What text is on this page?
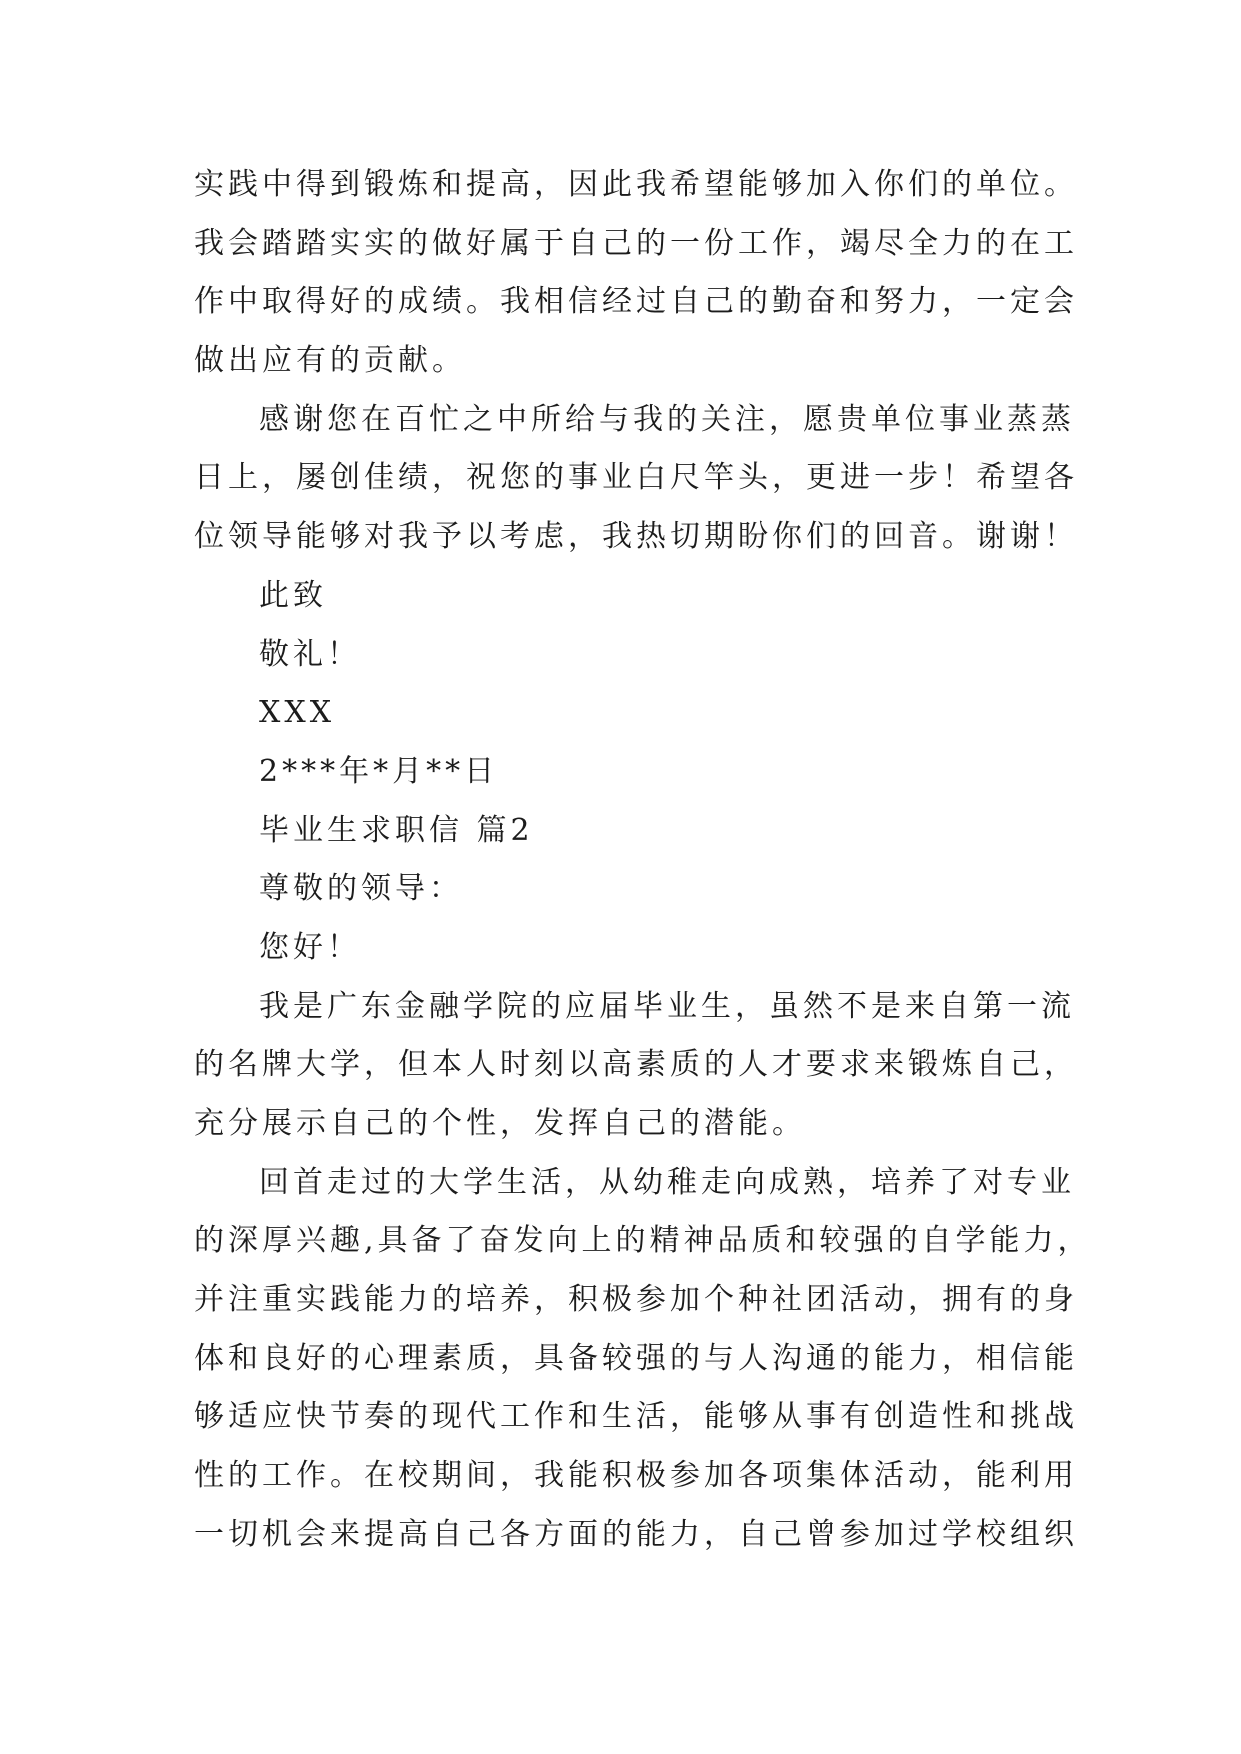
实践中得到锻炼和提高，因此我希望能够加入你们的单位。
我会踏踏实实的做好属于自己的一份工作，竭尽全力的在工
作中取得好的成绩。我相信经过自己的勤奋和努力，一定会
做出应有的贡献。
感谢您在百忙之中所给与我的关注，愿贵单位事业蒸蒸
日上，屡创佳绩，祝您的事业白尺竿头，更进一步！希望各
位领导能够对我予以考虑，我热切期盼你们的回音。谢谢！
此致
敬礼！
XXX
2***年*月**日
毕业生求职信 篇2
尊敬的领导：
您好！
我是广东金融学院的应届毕业生，虽然不是来自第一流
的名牌大学，但本人时刻以高素质的人才要求来锻炼自己，
充分展示自己的个性，发挥自己的潜能。
回首走过的大学生活，从幼稚走向成熟，培养了对专业
的深厚兴趣,具备了奋发向上的精神品质和较强的自学能力，
并注重实践能力的培养，积极参加个种社团活动，拥有的身
体和良好的心理素质，具备较强的与人沟通的能力，相信能
够适应快节奏的现代工作和生活，能够从事有创造性和挑战
性的工作。在校期间，我能积极参加各项集体活动，能利用
一切机会来提高自己各方面的能力，自己曾参加过学校组织
